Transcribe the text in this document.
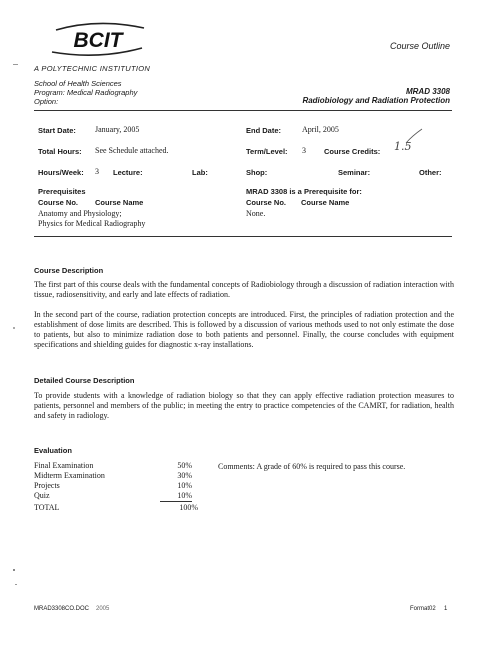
BCIT
A POLYTECHNIC INSTITUTION
School of Health Sciences
Program: Medical Radiography
Option:
Course Outline
MRAD 3308
Radiobiology and Radiation Protection
Start Date: January, 2005	End Date:	April, 2005
Total Hours: See Schedule attached.	Term/Level: 3 Course Credits: 1.5
Hours/Week: 3 Lecture:	Lab:	Shop:	Seminar:	Other:
Prerequisites
Course No. Course Name
Anatomy and Physiology;
Physics for Medical Radiography
MRAD 3308 is a Prerequisite for:
Course No. Course Name
None.
Course Description
The first part of this course deals with the fundamental concepts of Radiobiology through a discussion of radiation interaction with tissue, radiosensitivity, and early and late effects of radiation.
In the second part of the course, radiation protection concepts are introduced. First, the principles of radiation protection and the establishment of dose limits are described. This is followed by a discussion of various methods used to not only estimate the dose to patients, but also to minimize radiation dose to both patients and personnel. Finally, the course concludes with equipment specifications and shielding guides for diagnostic x-ray installations.
Detailed Course Description
To provide students with a knowledge of radiation biology so that they can apply effective radiation protection measures to patients, personnel and members of the public; in meeting the entry to practice competencies of the CAMRT, for radiation, health and safety in radiology.
Evaluation
Final Examination	50%
Midterm Examination	30%
Projects	10%
Quiz	10%
TOTAL	100%
Comments: A grade of 60% is required to pass this course.
MRAD3308CO.DOC 2005	Format02 1
